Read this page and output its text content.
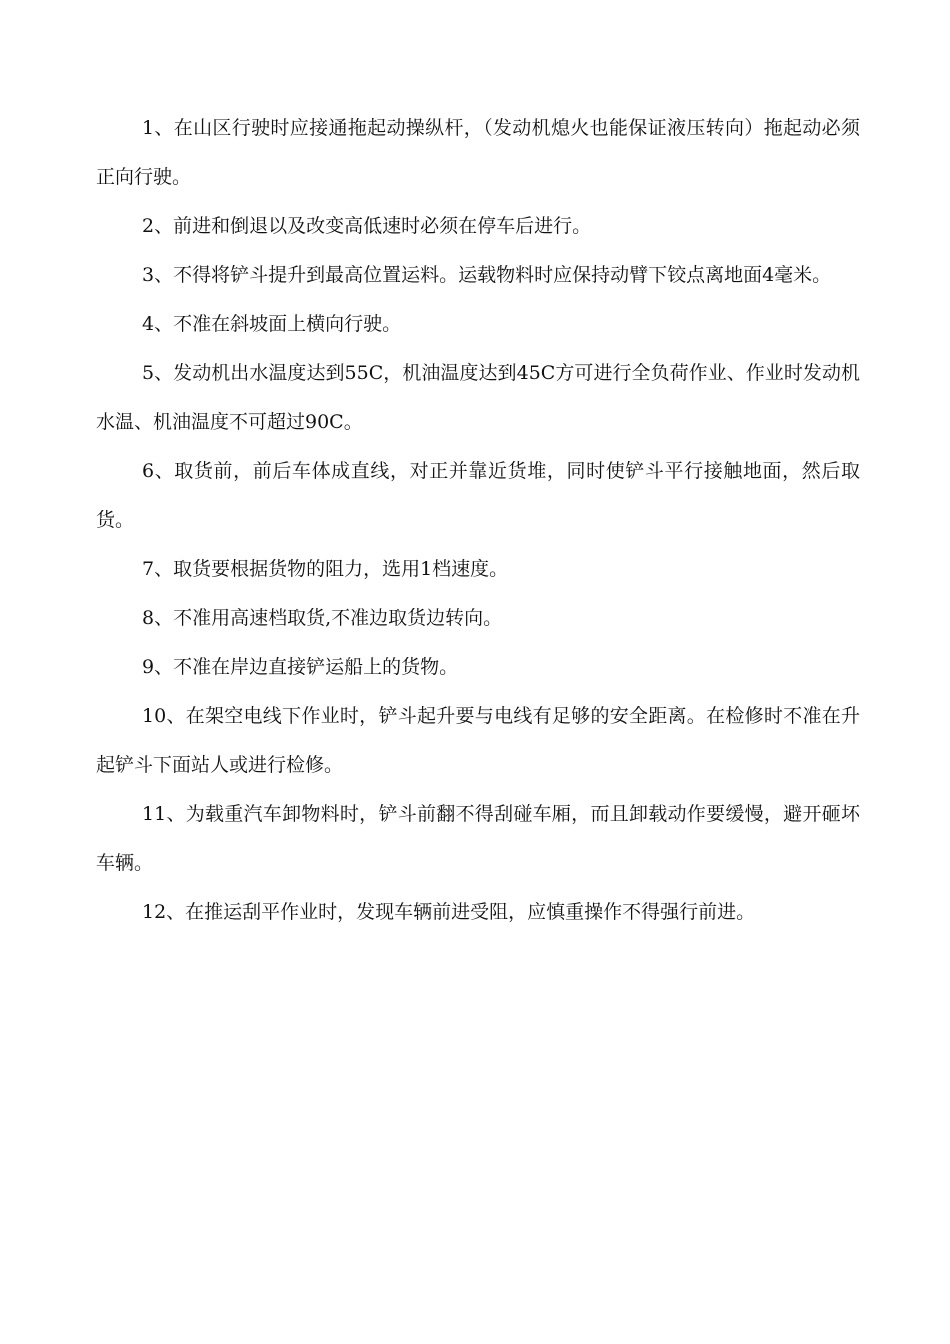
1、在山区行驶时应接通拖起动操纵杆，（发动机熄火也能保证液压转向）拖起动必须正向行驶。

2、前进和倒退以及改变高低速时必须在停车后进行。

3、不得将铲斗提升到最高位置运料。运载物料时应保持动臂下铰点离地面4毫米。

4、不准在斜坡面上横向行驶。

5、发动机出水温度达到55C，机油温度达到45C方可进行全负荷作业、作业时发动机水温、机油温度不可超过90C。

6、取货前，前后车体成直线，对正并靠近货堆，同时使铲斗平行接触地面，然后取货。

7、取货要根据货物的阻力，选用1档速度。

8、不准用高速档取货,不准边取货边转向。

9、不准在岸边直接铲运船上的货物。

10、在架空电线下作业时，铲斗起升要与电线有足够的安全距离。在检修时不准在升起铲斗下面站人或进行检修。

11、为载重汽车卸物料时，铲斗前翻不得刮碰车厢，而且卸载动作要缓慢，避开砸坏车辆。

12、在推运刮平作业时，发现车辆前进受阻，应慎重操作不得强行前进。
